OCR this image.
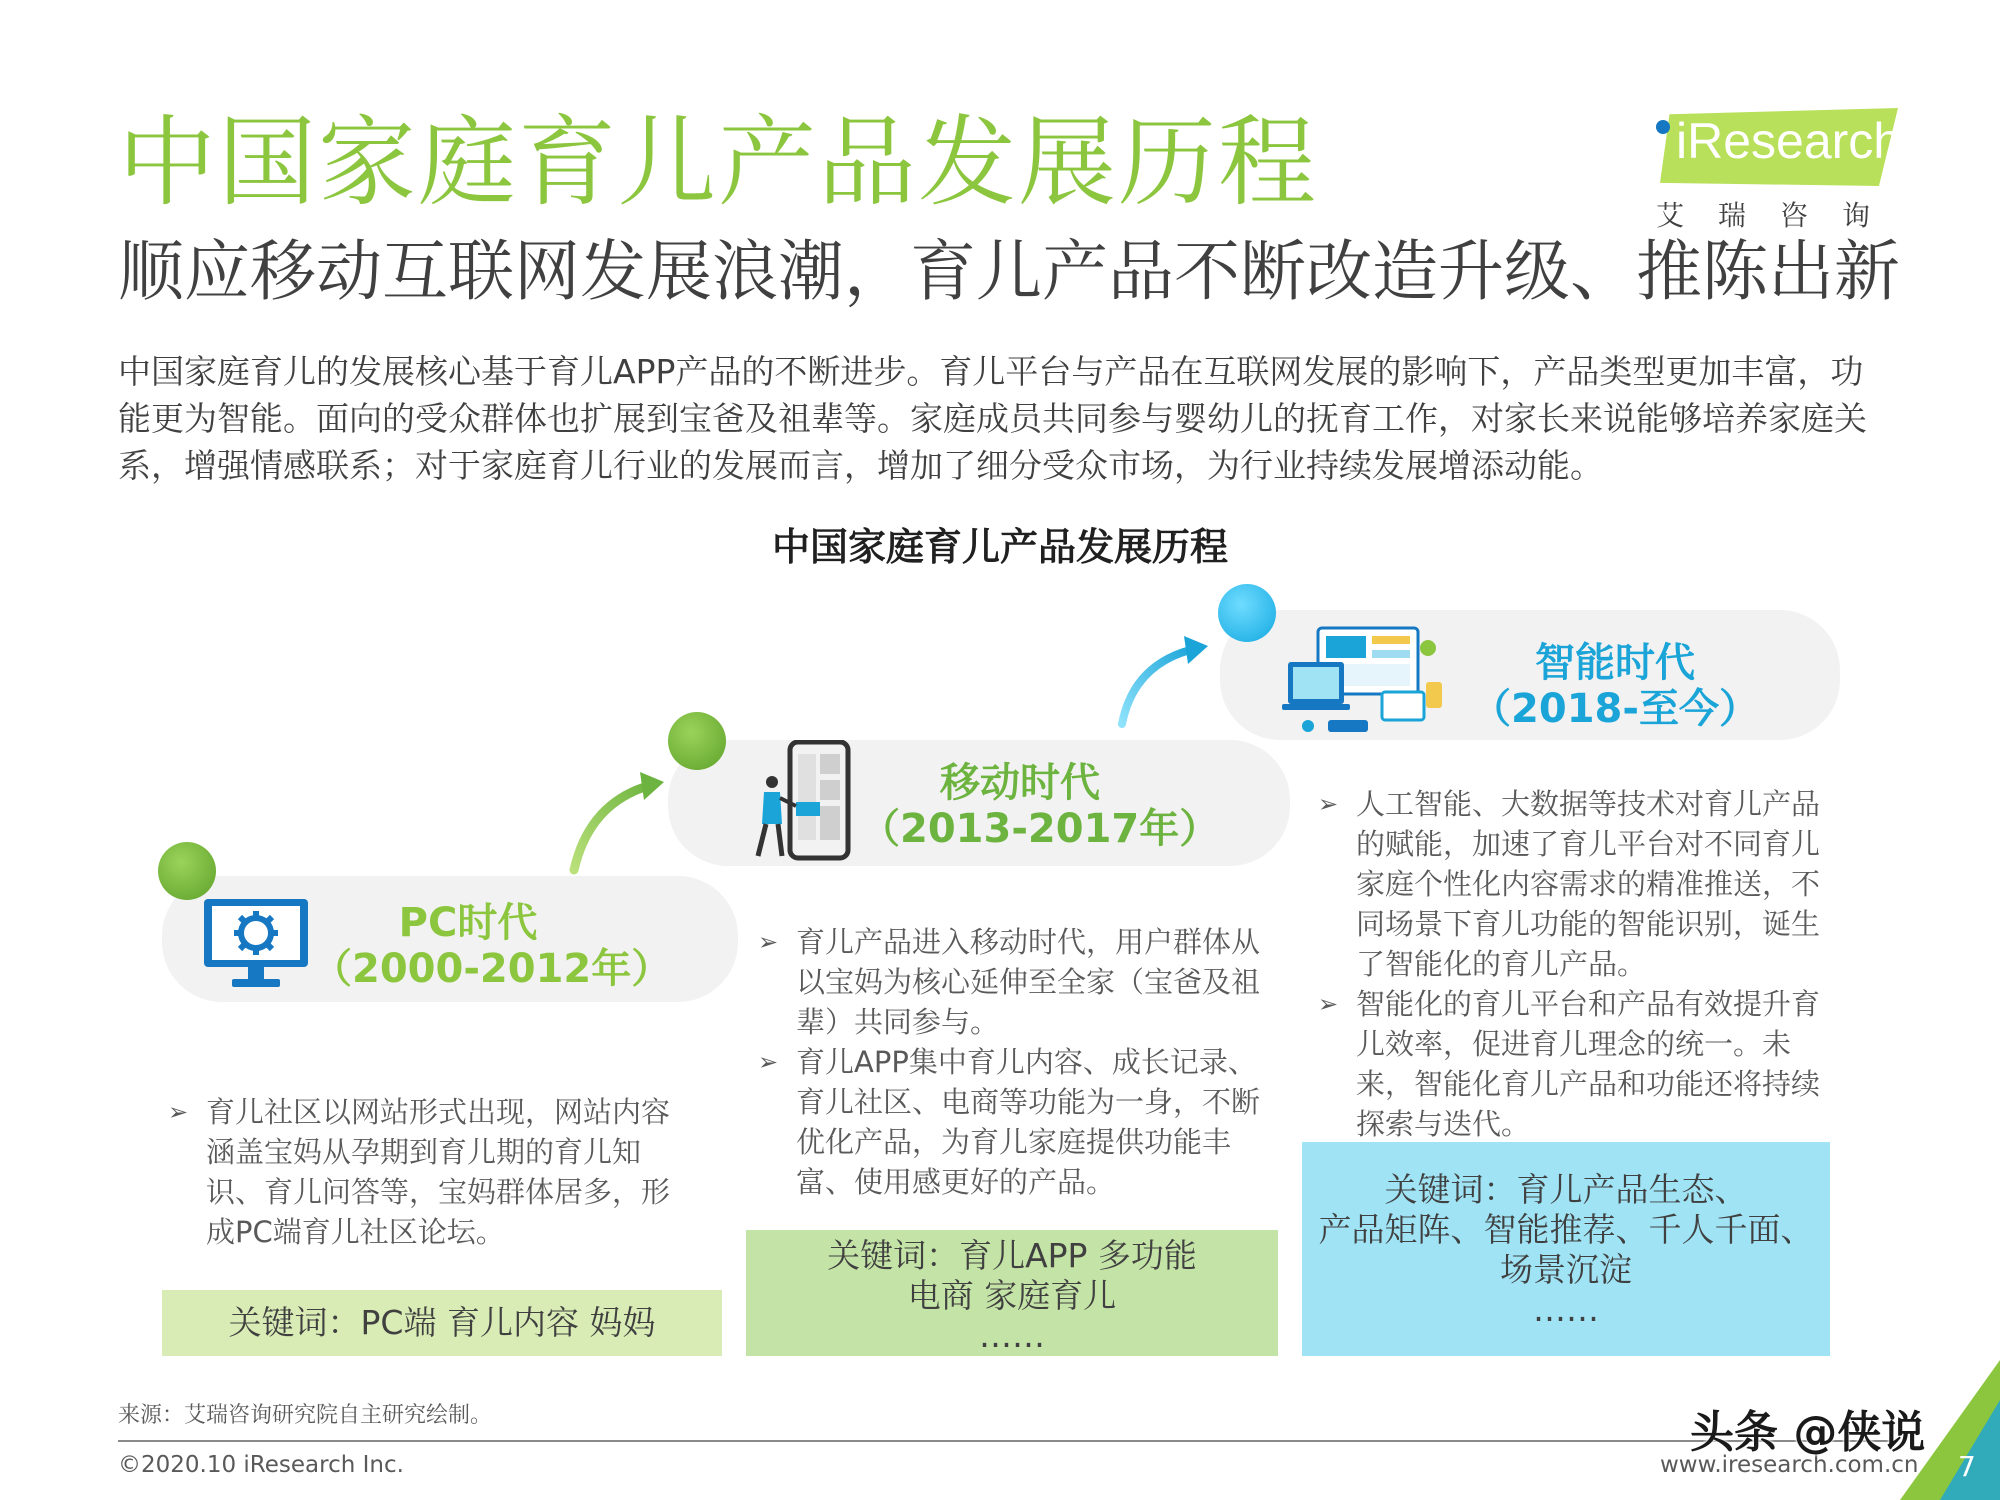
中国家庭育儿产品发展历程
顺应移动互联网发展浪潮，育儿产品不断改造升级、推陈出新
中国家庭育儿的发展核心基于育儿APP产品的不断进步。育儿平台与产品在互联网发展的影响下，产品类型更加丰富，功能更为智能。面向的受众群体也扩展到宝爸及祖辈等。家庭成员共同参与婴幼儿的抚育工作，对家长来说能够培养家庭关系，增强情感联系；对于家庭育儿行业的发展而言，增加了细分受众市场，为行业持续发展增添动能。
iResearch
艾瑞咨询
中国家庭育儿产品发展历程
PC时代
（2000-2012年）

➢ 育儿社区以网站形式出现，网站内容涵盖宝妈从孕期到育儿期的育儿知识、育儿问答等，宝妈群体居多，形成PC端育儿社区论坛。

关键词：PC端 育儿内容 妈妈
移动时代
（2013-2017年）

➢ 育儿产品进入移动时代，用户群体从以宝妈为核心延伸至全家（宝爸及祖辈）共同参与。

➢ 育儿APP集中育儿内容、成长记录、育儿社区、电商等功能为一身，不断优化产品，为育儿家庭提供功能丰富、使用感更好的产品。

关键词：育儿APP 多功能
电商 家庭育儿
……
智能时代
（2018-至今）

➢ 人工智能、大数据等技术对育儿产品的赋能，加速了育儿平台对不同育儿家庭个性化内容需求的精准推送，不同场景下育儿功能的智能识别，诞生了智能化的育儿产品。

➢ 智能化的育儿平台和产品有效提升育儿效率，促进育儿理念的统一。未来，智能化育儿产品和功能还将持续探索与迭代。

关键词：育儿产品生态、
产品矩阵、智能推荐、千人千面、
场景沉淀
……
来源：艾瑞咨询研究院自主研究绘制。
©2020.10 iResearch Inc.	www.iresearch.com.cn 7
头条 @侠说
